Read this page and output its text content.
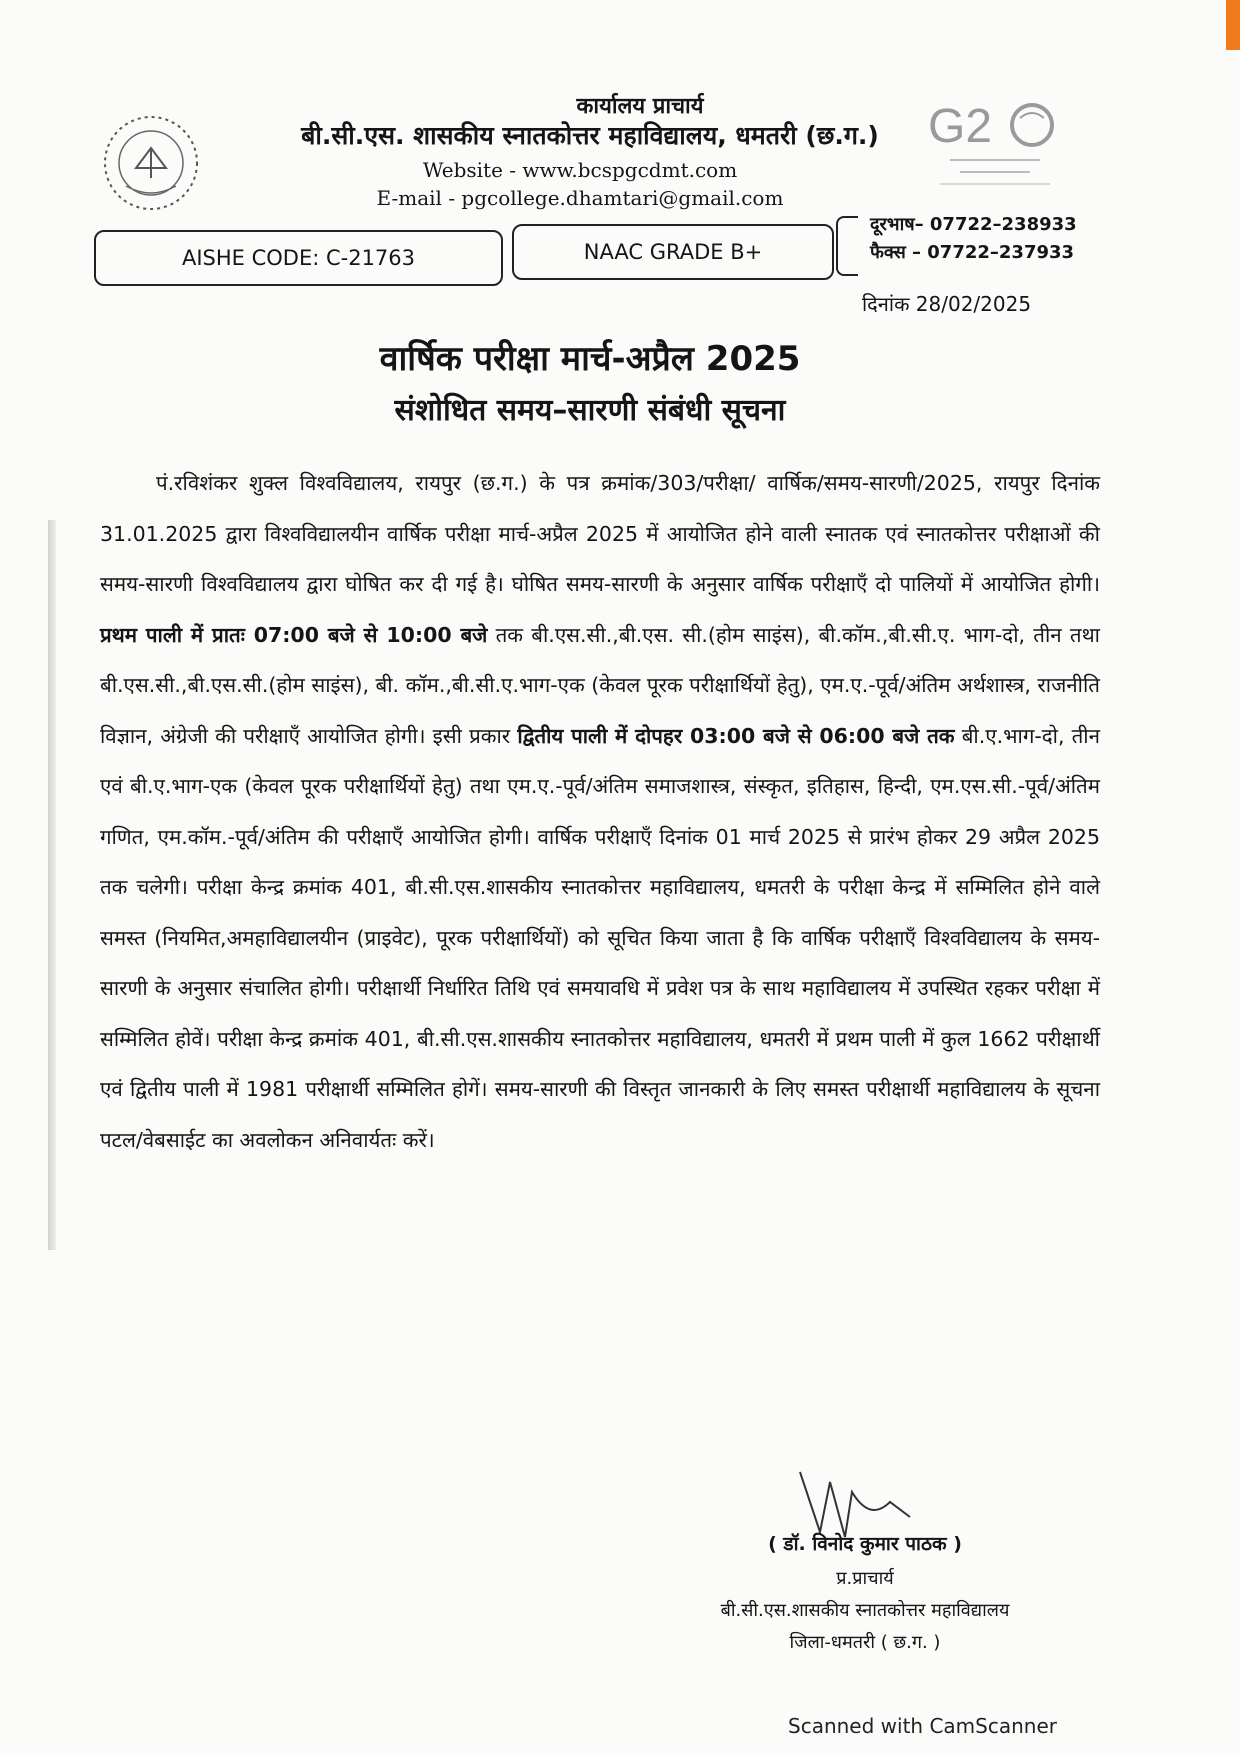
G2
कार्यालय प्राचार्य
बी.सी.एस. शासकीय स्नातकोत्तर महाविद्यालय, धमतरी (छ.ग.)
Website - www.bcspgcdmt.com
E-mail - pgcollege.dhamtari@gmail.com
AISHE CODE: C-21763	NAAC GRADE B+
दूरभाष– 07722–238933
फैक्स – 07722–237933
दिनांक 28/02/2025
वार्षिक परीक्षा मार्च-अप्रैल 2025
संशोधित समय–सारणी संबंधी सूचना
पं.रविशंकर शुक्ल विश्वविद्यालय, रायपुर (छ.ग.) के पत्र क्रमांक/303/परीक्षा/ वार्षिक/समय-सारणी/2025, रायपुर दिनांक 31.01.2025 द्वारा विश्वविद्यालयीन वार्षिक परीक्षा मार्च-अप्रैल 2025 में आयोजित होने वाली स्नातक एवं स्नातकोत्तर परीक्षाओं की समय-सारणी विश्वविद्यालय द्वारा घोषित कर दी गई है। घोषित समय-सारणी के अनुसार वार्षिक परीक्षाएँ दो पालियों में आयोजित होगी। प्रथम पाली में प्रातः 07:00 बजे से 10:00 बजे तक बी.एस.सी.,बी.एस. सी.(होम साइंस), बी.कॉम.,बी.सी.ए. भाग-दो, तीन तथा बी.एस.सी.,बी.एस.सी.(होम साइंस), बी. कॉम.,बी.सी.ए.भाग-एक (केवल पूरक परीक्षार्थियों हेतु), एम.ए.-पूर्व/अंतिम अर्थशास्त्र, राजनीति विज्ञान, अंग्रेजी की परीक्षाएँ आयोजित होगी। इसी प्रकार द्वितीय पाली में दोपहर 03:00 बजे से 06:00 बजे तक बी.ए.भाग-दो, तीन एवं बी.ए.भाग-एक (केवल पूरक परीक्षार्थियों हेतु) तथा एम.ए.-पूर्व/अंतिम समाजशास्त्र, संस्कृत, इतिहास, हिन्दी, एम.एस.सी.-पूर्व/अंतिम गणित, एम.कॉम.-पूर्व/अंतिम की परीक्षाएँ आयोजित होगी। वार्षिक परीक्षाएँ दिनांक 01 मार्च 2025 से प्रारंभ होकर 29 अप्रैल 2025 तक चलेगी। परीक्षा केन्द्र क्रमांक 401, बी.सी.एस.शासकीय स्नातकोत्तर महाविद्यालय, धमतरी के परीक्षा केन्द्र में सम्मिलित होने वाले समस्त (नियमित,अमहाविद्यालयीन (प्राइवेट), पूरक परीक्षार्थियों) को सूचित किया जाता है कि वार्षिक परीक्षाएँ विश्वविद्यालय के समय-सारणी के अनुसार संचालित होगी। परीक्षार्थी निर्धारित तिथि एवं समयावधि में प्रवेश पत्र के साथ महाविद्यालय में उपस्थित रहकर परीक्षा में सम्मिलित होवें। परीक्षा केन्द्र क्रमांक 401, बी.सी.एस.शासकीय स्नातकोत्तर महाविद्यालय, धमतरी में प्रथम पाली में कुल 1662 परीक्षार्थी एवं द्वितीय पाली में 1981 परीक्षार्थी सम्मिलित होगें। समय-सारणी की विस्तृत जानकारी के लिए समस्त परीक्षार्थी महाविद्यालय के सूचना पटल/वेबसाईट का अवलोकन अनिवार्यतः करें।
( डॉ. विनोद कुमार पाठक )
प्र.प्राचार्य
बी.सी.एस.शासकीय स्नातकोत्तर महाविद्यालय
जिला-धमतरी ( छ.ग. )
Scanned with CamScanner
